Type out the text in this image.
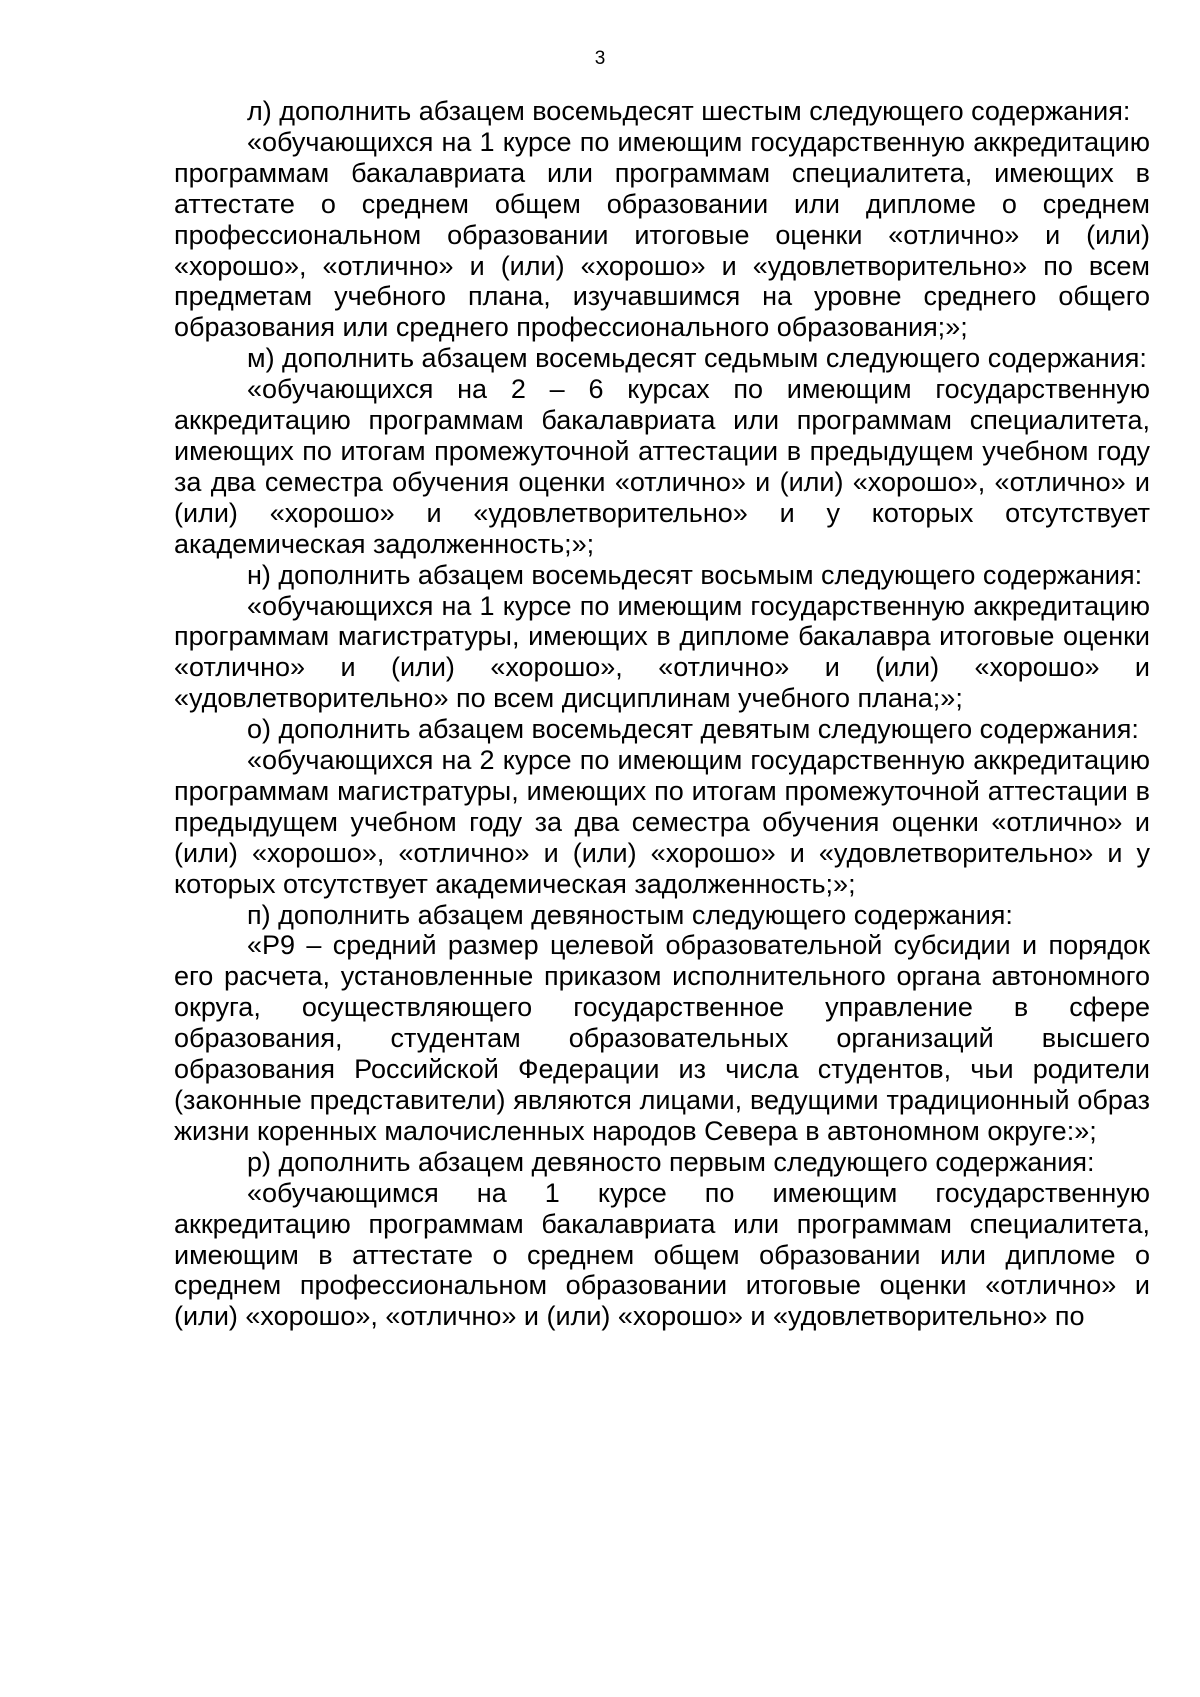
3

л) дополнить абзацем восемьдесят шестым следующего содержания:

«обучающихся на 1 курсе по имеющим государственную аккредитацию программам бакалавриата или программам специалитета, имеющих в аттестате о среднем общем образовании или дипломе о среднем профессиональном образовании итоговые оценки «отлично» и (или) «хорошо», «отлично» и (или) «хорошо» и «удовлетворительно» по всем предметам учебного плана, изучавшимся на уровне среднего общего образования или среднего профессионального образования;»;

м) дополнить абзацем восемьдесят седьмым следующего содержания:

«обучающихся на 2 – 6 курсах по имеющим государственную аккредитацию программам бакалавриата или программам специалитета, имеющих по итогам промежуточной аттестации в предыдущем учебном году за два семестра обучения оценки «отлично» и (или) «хорошо», «отлично» и (или) «хорошо» и «удовлетворительно» и у которых отсутствует академическая задолженность;»;

н) дополнить абзацем восемьдесят восьмым следующего содержания:

«обучающихся на 1 курсе по имеющим государственную аккредитацию программам магистратуры, имеющих в дипломе бакалавра итоговые оценки «отлично» и (или) «хорошо», «отлично» и (или) «хорошо» и «удовлетворительно» по всем дисциплинам учебного плана;»;

о) дополнить абзацем восемьдесят девятым следующего содержания:

«обучающихся на 2 курсе по имеющим государственную аккредитацию программам магистратуры, имеющих по итогам промежуточной аттестации в предыдущем учебном году за два семестра обучения оценки «отлично» и (или) «хорошо», «отлично» и (или) «хорошо» и «удовлетворительно» и у которых отсутствует академическая задолженность;»;

п) дополнить абзацем девяностым следующего содержания:

«Р9 – средний размер целевой образовательной субсидии и порядок его расчета, установленные приказом исполнительного органа автономного округа, осуществляющего государственное управление в сфере образования, студентам образовательных организаций высшего образования Российской Федерации из числа студентов, чьи родители (законные представители) являются лицами, ведущими традиционный образ жизни коренных малочисленных народов Севера в автономном округе:»;

р) дополнить абзацем девяносто первым следующего содержания:

«обучающимся на 1 курсе по имеющим государственную аккредитацию программам бакалавриата или программам специалитета, имеющим в аттестате о среднем общем образовании или дипломе о среднем профессиональном образовании итоговые оценки «отлично» и (или) «хорошо», «отлично» и (или) «хорошо» и «удовлетворительно» по
